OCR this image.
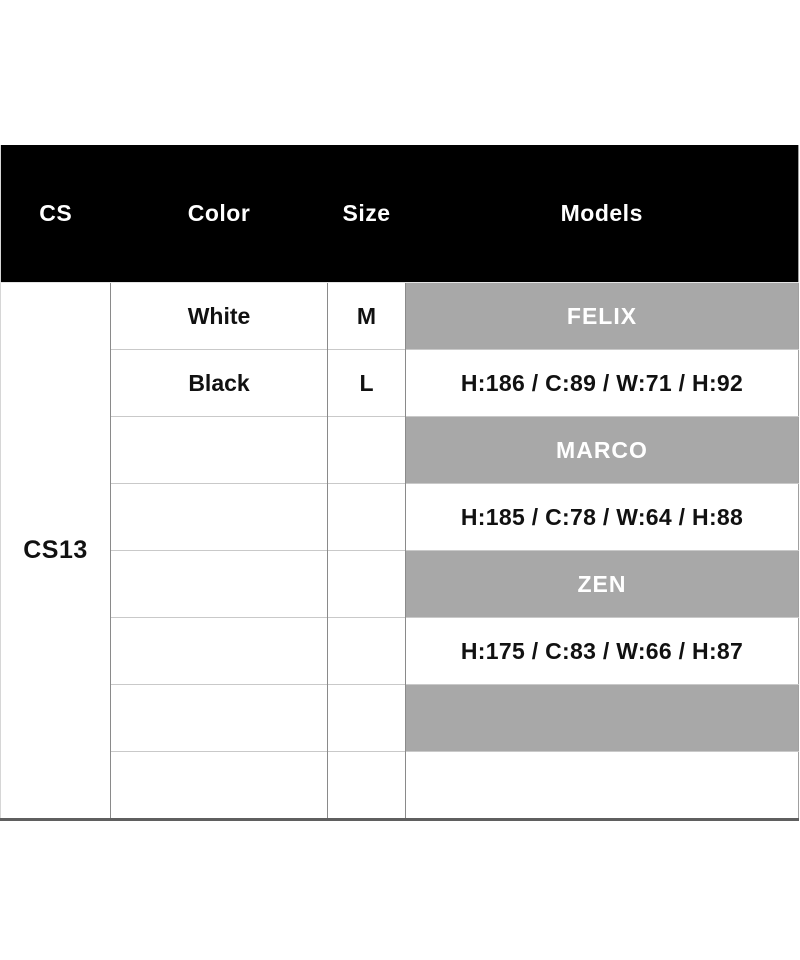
CS	Color	Size	Models
CS13	White	M	FELIX
	Black	L	H:186 / C:89 / W:71 / H:92
			MARCO
			H:185 / C:78 / W:64 / H:88
			ZEN
			H:175 / C:83 / W:66 / H:87
